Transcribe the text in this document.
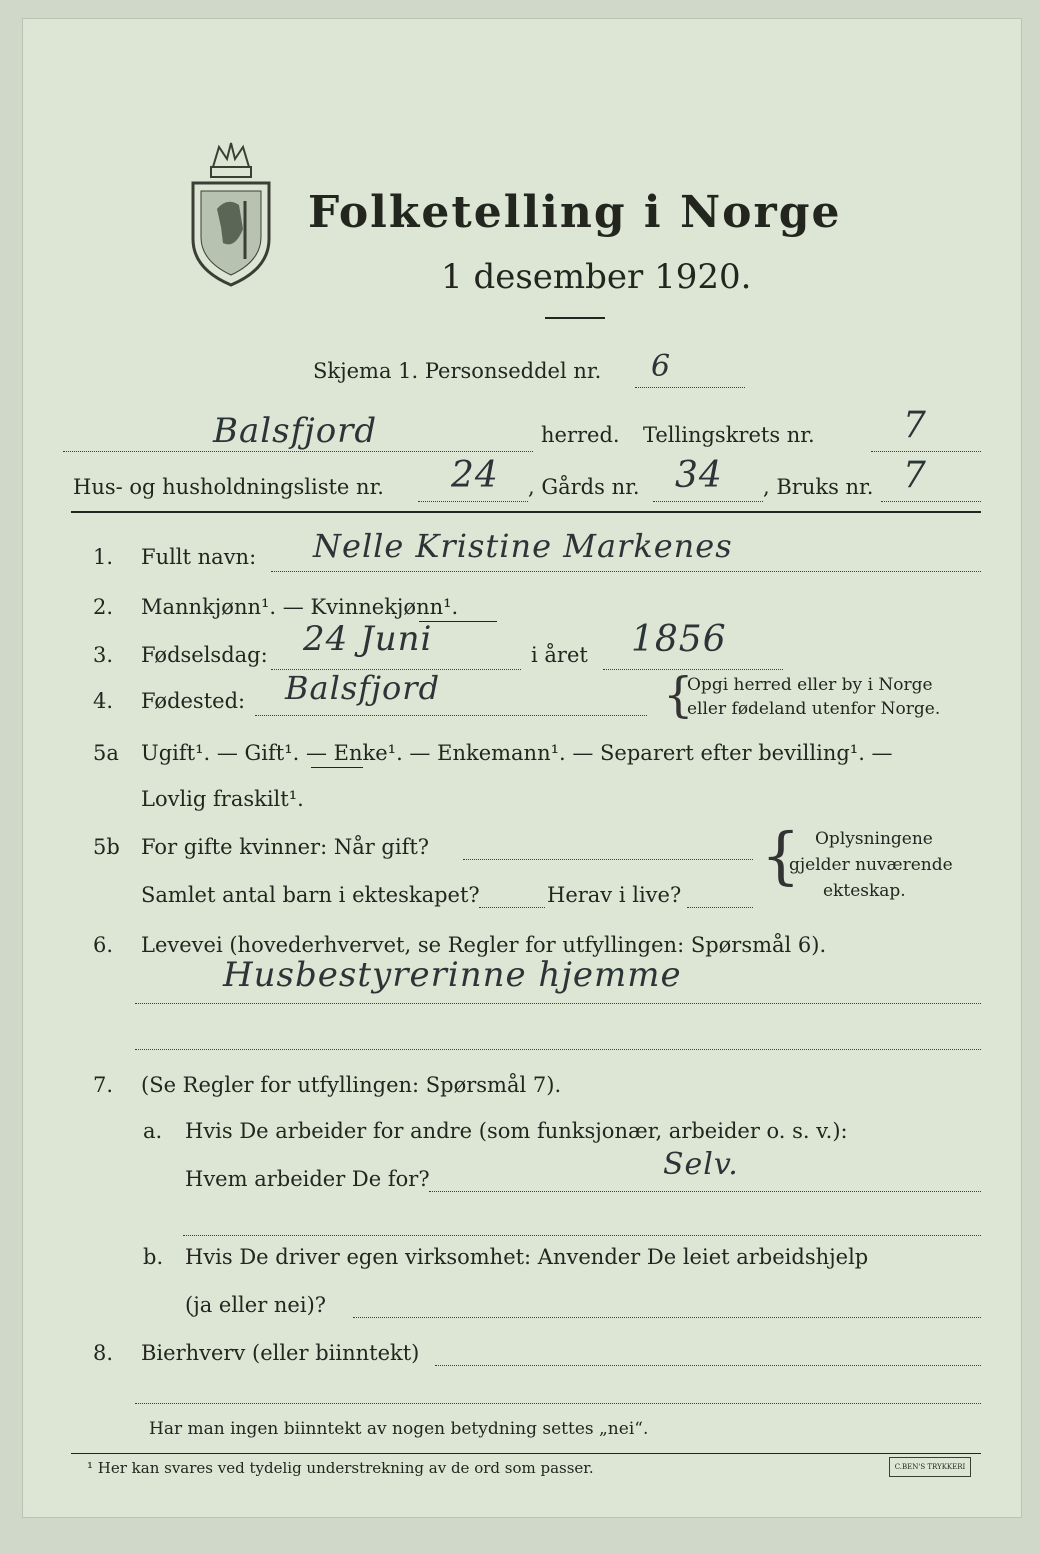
Folketelling i Norge
1 desember 1920.
Skjema 1. Personseddel nr. 6
Balsfjord	herred. Tellingskrets nr. 7
Hus- og husholdningsliste nr. 24 , Gårds nr. 34 , Bruks nr. 7
1. Fullt navn: Nelle Kristine Markenes
2. Mannkjønn¹. — Kvinnekjønn¹.
3. Fødselsdag: 24 Juni	i året 1856
4. Fødested: Balsfjord	{
Opgi herred eller by i Norge
eller fødeland utenfor Norge.
5a Ugift¹. — Gift¹. — Enke¹. — Enkemann¹. — Separert efter bevilling¹. —
Lovlig fraskilt¹.
5b For gifte kvinner: Når gift?
Samlet antal barn i ekteskapet?	Herav i live?
{ Oplysningene
gjelder nuværende
ekteskap.
6. Levevei (hovederhvervet, se Regler for utfyllingen: Spørsmål 6).
Husbestyrerinne hjemme
7. (Se Regler for utfyllingen: Spørsmål 7).
a. Hvis De arbeider for andre (som funksjonær, arbeider o. s. v.):
Hvem arbeider De for?	Selv.
b. Hvis De driver egen virksomhet: Anvender De leiet arbeidshjelp
(ja eller nei)?
8. Bierhverv (eller biinntekt)
Har man ingen biinntekt av nogen betydning settes „nei“.
¹ Her kan svares ved tydelig understrekning av de ord som passer.	C.BEN'S TRYKKERI
